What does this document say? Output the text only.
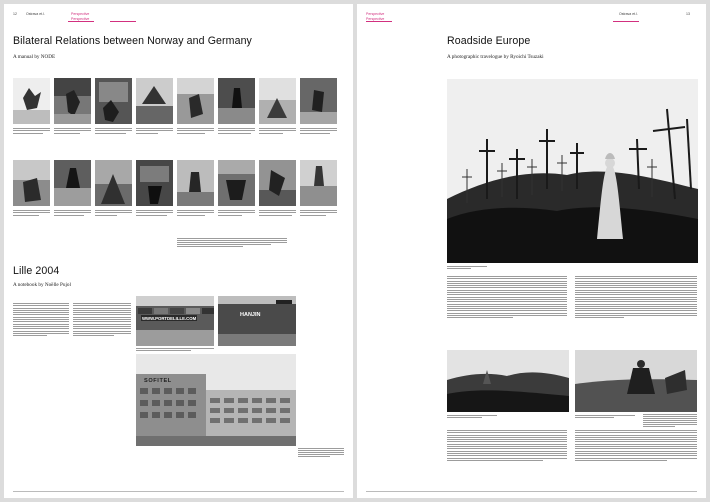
12	Ostrava et.l.	Perspective
Perspective
Bilateral Relations between Norway and Germany
A manual by NODE
Lille 2004
A notebook by Noëlle Pujol
WWW.PORTDELILLE.COM	HANJIN
SOFITEL
Perspective
Perspective
Ostrava et.l.	13
Roadside Europe
A photographic travelogue by Ryoichi Tsuzaki
